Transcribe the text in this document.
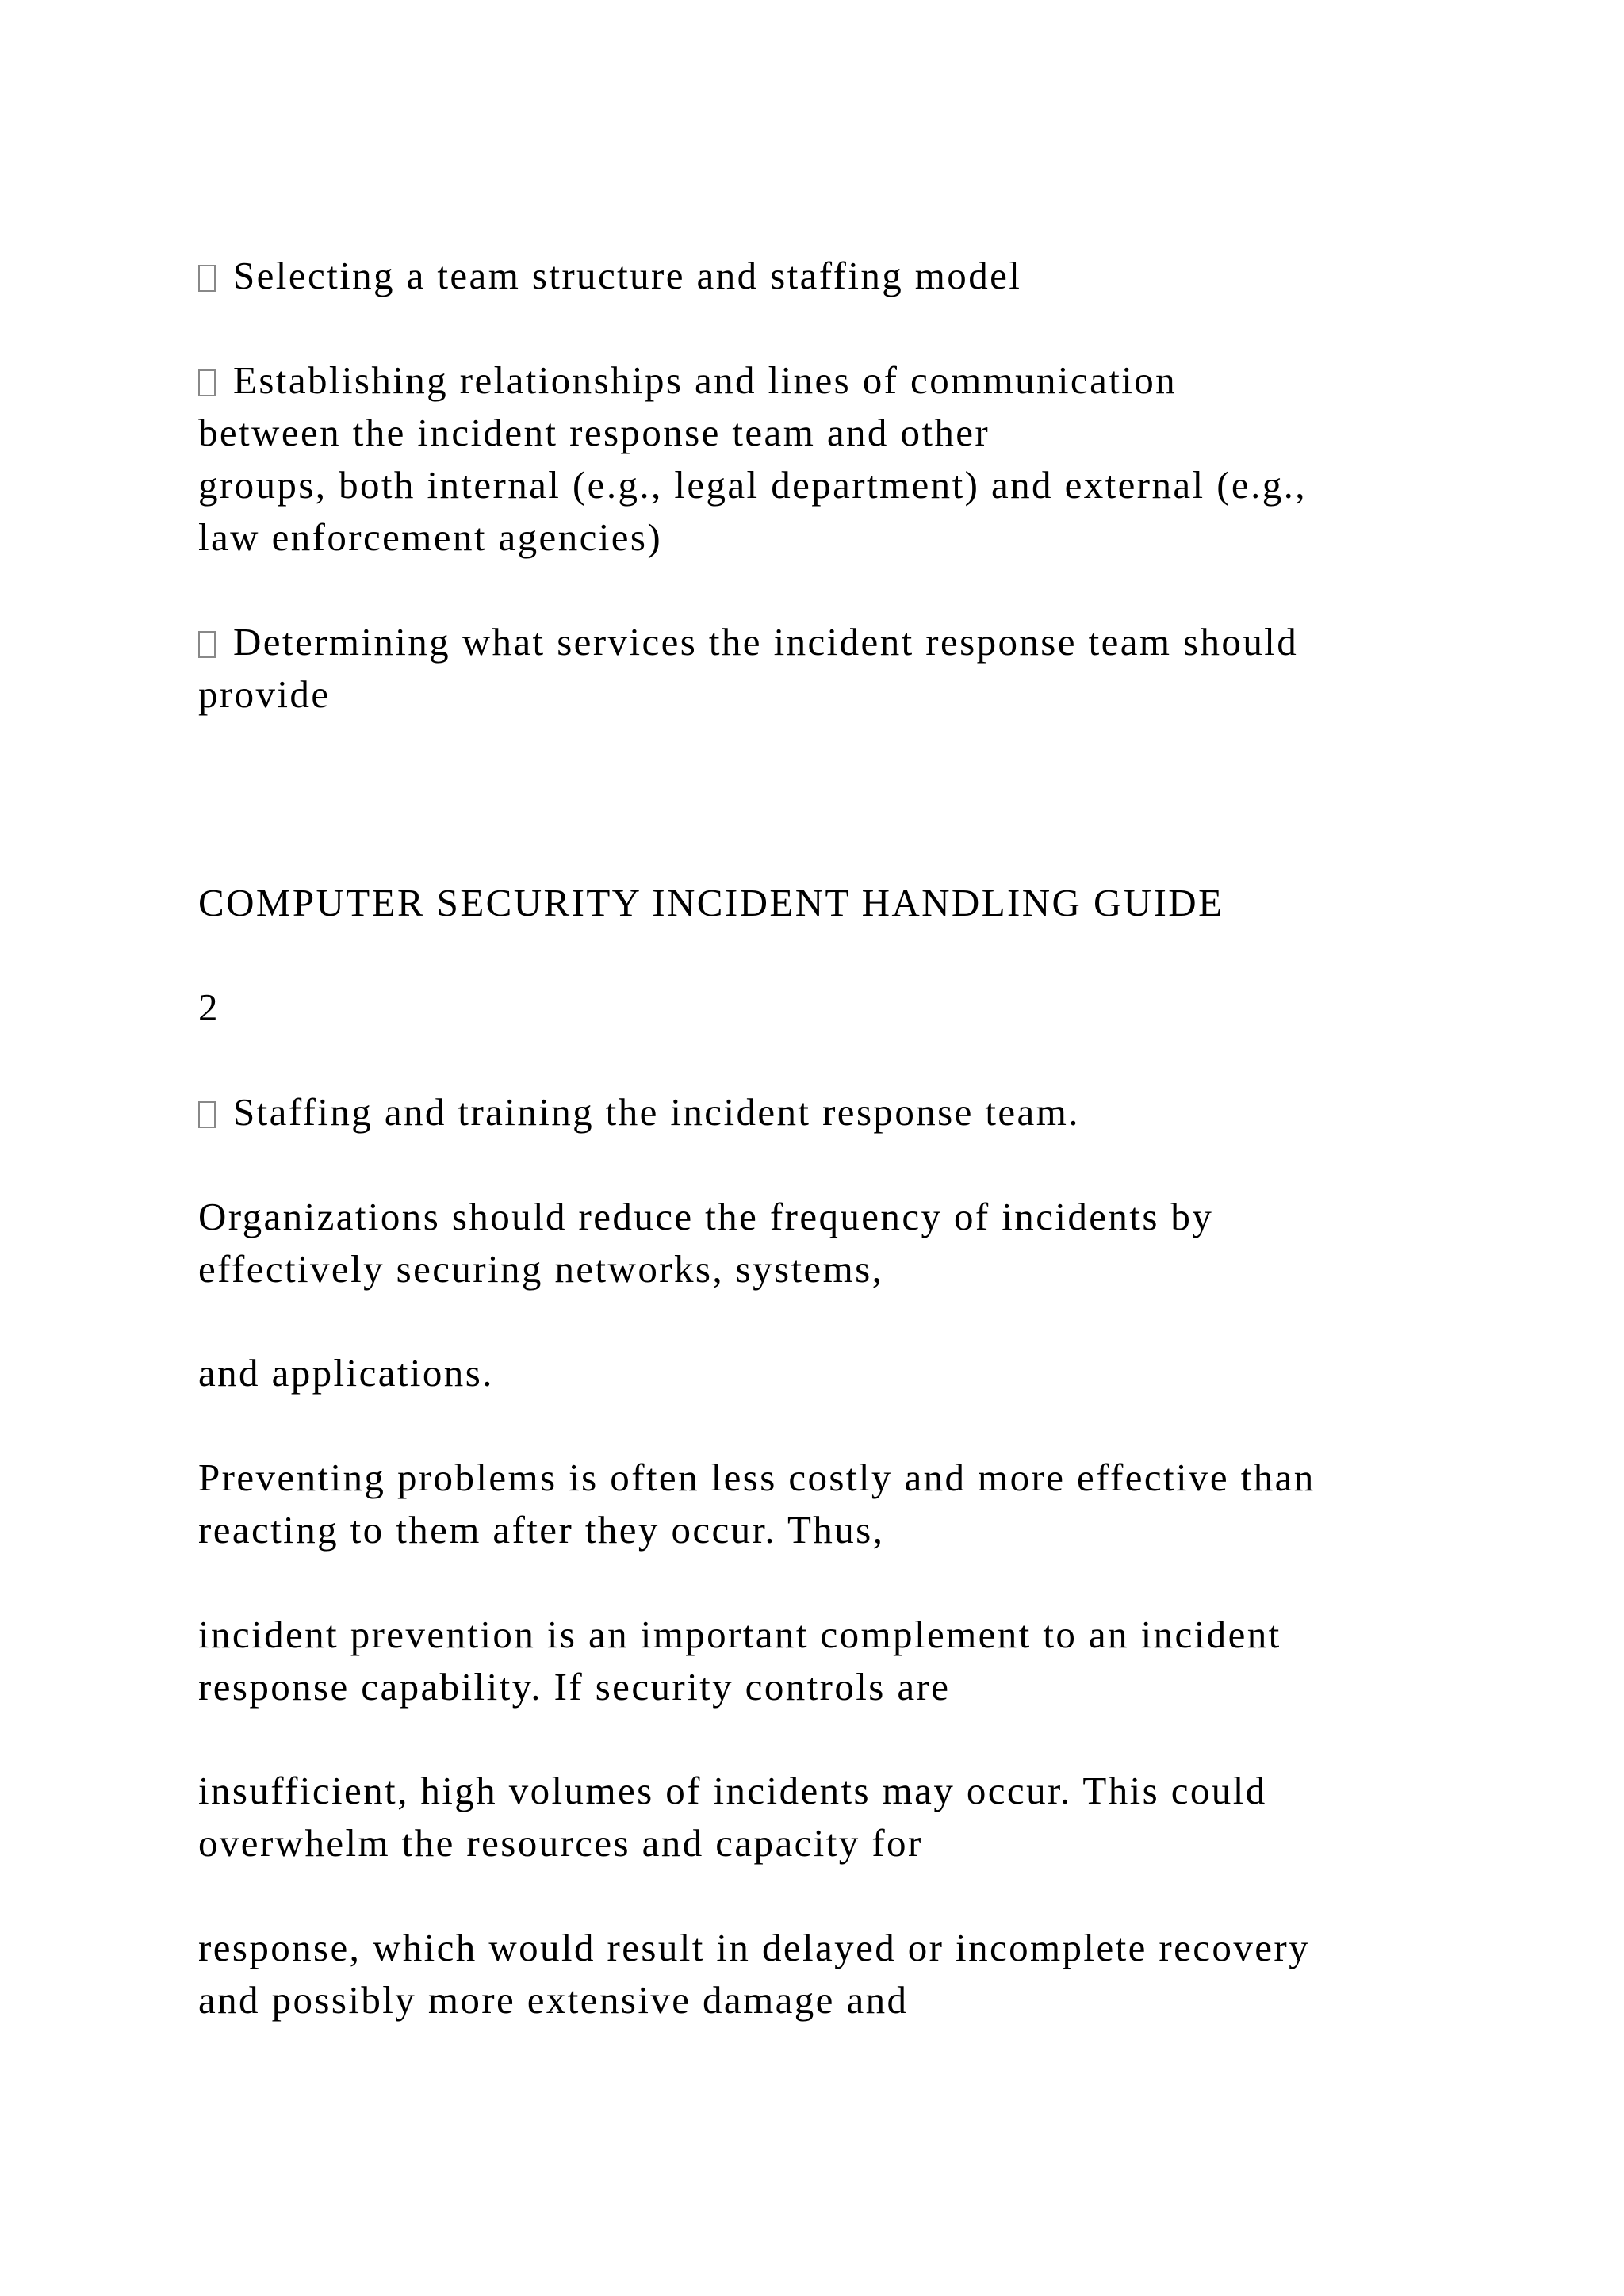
Selecting a team structure and staffing model
Establishing relationships and lines of communication
between the incident response team and other
groups, both internal (e.g., legal department) and external (e.g.,
law enforcement agencies)
Determining what services the incident response team should
provide
COMPUTER SECURITY INCIDENT HANDLING GUIDE
2
Staffing and training the incident response team.
Organizations should reduce the frequency of incidents by
effectively securing networks, systems,
and applications.
Preventing problems is often less costly and more effective than
reacting to them after they occur. Thus,
incident prevention is an important complement to an incident
response capability. If security controls are
insufficient, high volumes of incidents may occur. This could
overwhelm the resources and capacity for
response, which would result in delayed or incomplete recovery
and possibly more extensive damage and
